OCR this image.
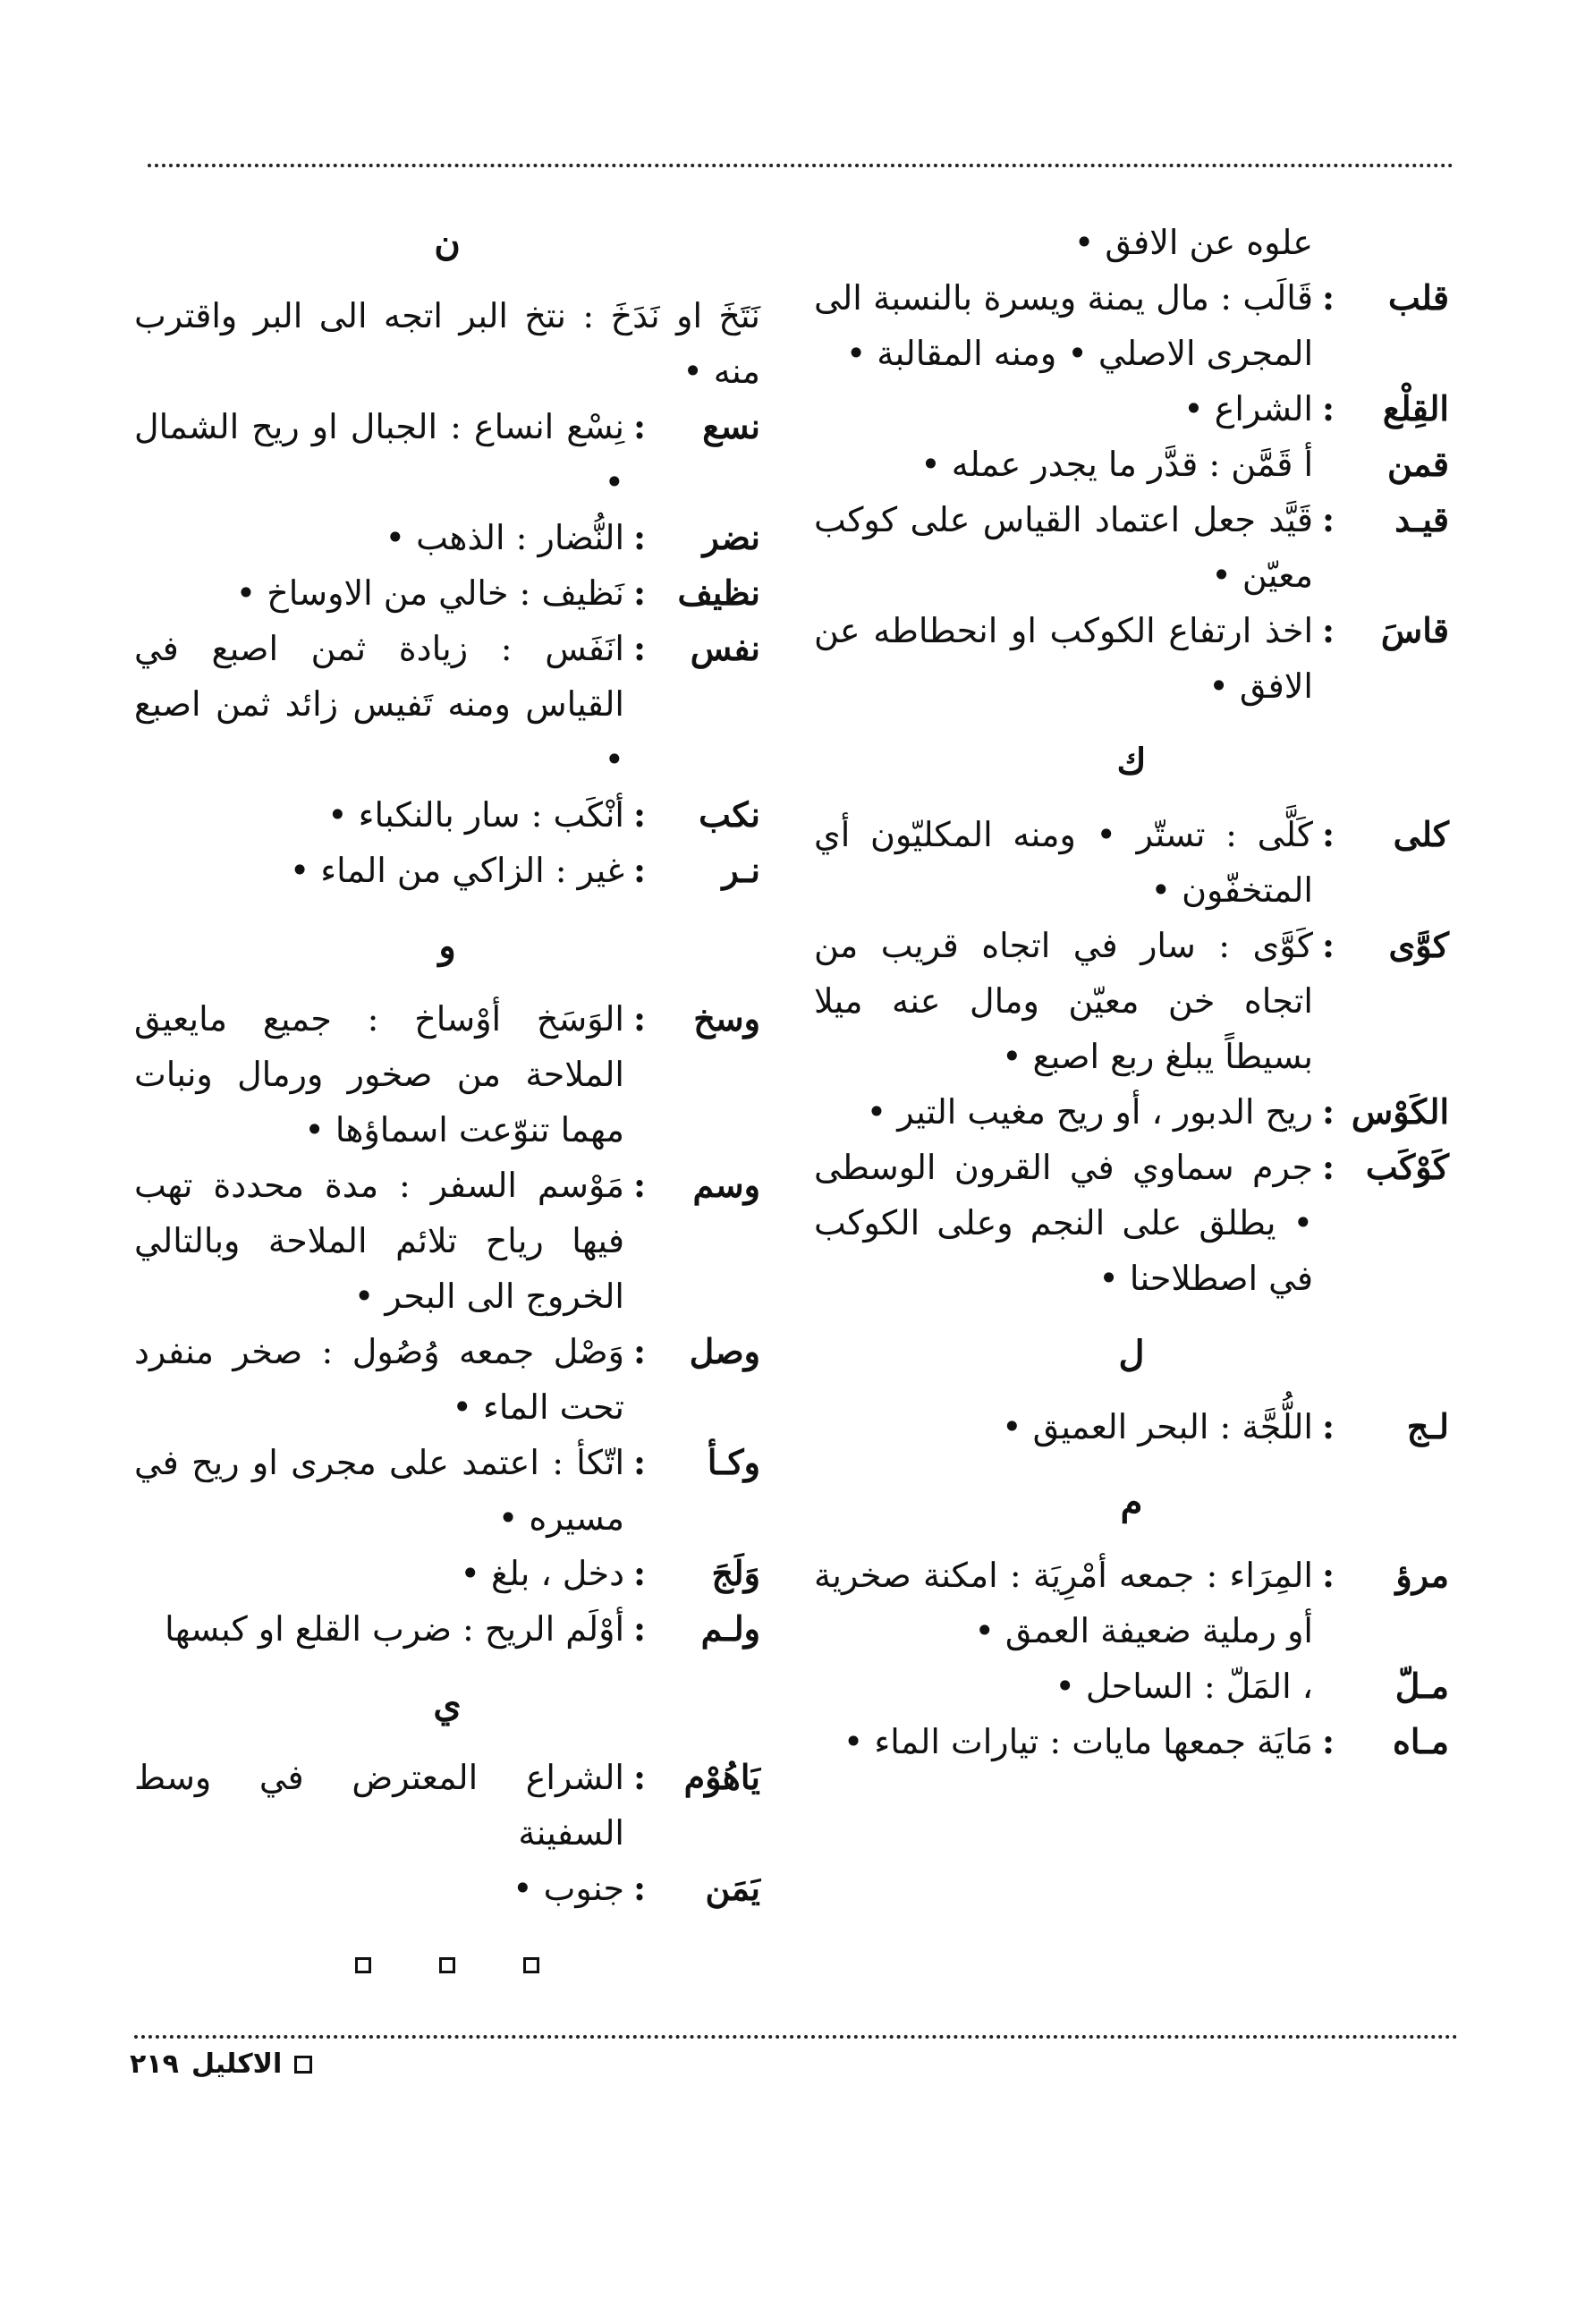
علوه عن الافق •
قلب
:
قَالَب : مال يمنة ويسرة بالنسبة الى المجرى الاصلي • ومنه المقالبة •
القِلْع
:
الشراع •
قمن
أ قَمَّن : قدَّر ما يجدر عمله •
قيـد
:
قَيَّد جعل اعتماد القياس على كوكب معيّن •
قاسَ
:
اخذ ارتفاع الكوكب او انحطاطه عن الافق •
ك
كلى
:
كَلَّى : تستّر • ومنه المكليّون أي المتخفّون •
كوَّى
:
كَوَّى : سار في اتجاه قريب من اتجاه خن معيّن ومال عنه ميلا بسيطاً يبلغ ربع اصبع •
الكَوْس
:
ريح الدبور ، أو ريح مغيب التير •
كَوْكَب
:
جرم سماوي في القرون الوسطى • يطلق على النجم وعلى الكوكب في اصطلاحنا •
ل
لـج
:
اللُّجَّة : البحر العميق •
م
مرؤ
:
المِرَاء : جمعه أمْرِيَة : امكنة صخرية أو رملية ضعيفة العمق •
مـلّ
، المَلّ : الساحل •
مـاه
:
مَايَة جمعها مايات : تيارات الماء •
ن
نَتَخَ او نَدَخَ : نتخ البر اتجه الى البر واقترب منه •
نسع
:
نِسْع انساع : الجبال او ريح الشمال •
نضر
:
النُّضار : الذهب •
نظيف
:
نَظيف : خالي من الاوساخ •
نفس
:
انَفَس : زيادة ثمن اصبع في القياس ومنه تَفيس زائد ثمن اصبع •
نكب
:
أنْكَب : سار بالنكباء •
نـر
:
غير : الزاكي من الماء •
و
وسخ
:
الوَسَخ أوْساخ : جميع مايعيق الملاحة من صخور ورمال ونبات مهما تنوّعت اسماؤها •
وسم
:
مَوْسم السفر : مدة محددة تهب فيها رياح تلائم الملاحة وبالتالي الخروج الى البحر •
وصل
:
وَصْل جمعه وُصُول : صخر منفرد تحت الماء •
وكـأ
:
اتّكأ : اعتمد على مجرى او ريح في مسيره •
وَلَجَ
:
دخل ، بلغ •
ولـم
:
أوْلَم الريح : ضرب القلع او كبسها
ي
يَاهُوْم
:
الشراع المعترض في وسط السفينة
يَمَن
:
جنوب •
الاكليل
٢١٩
